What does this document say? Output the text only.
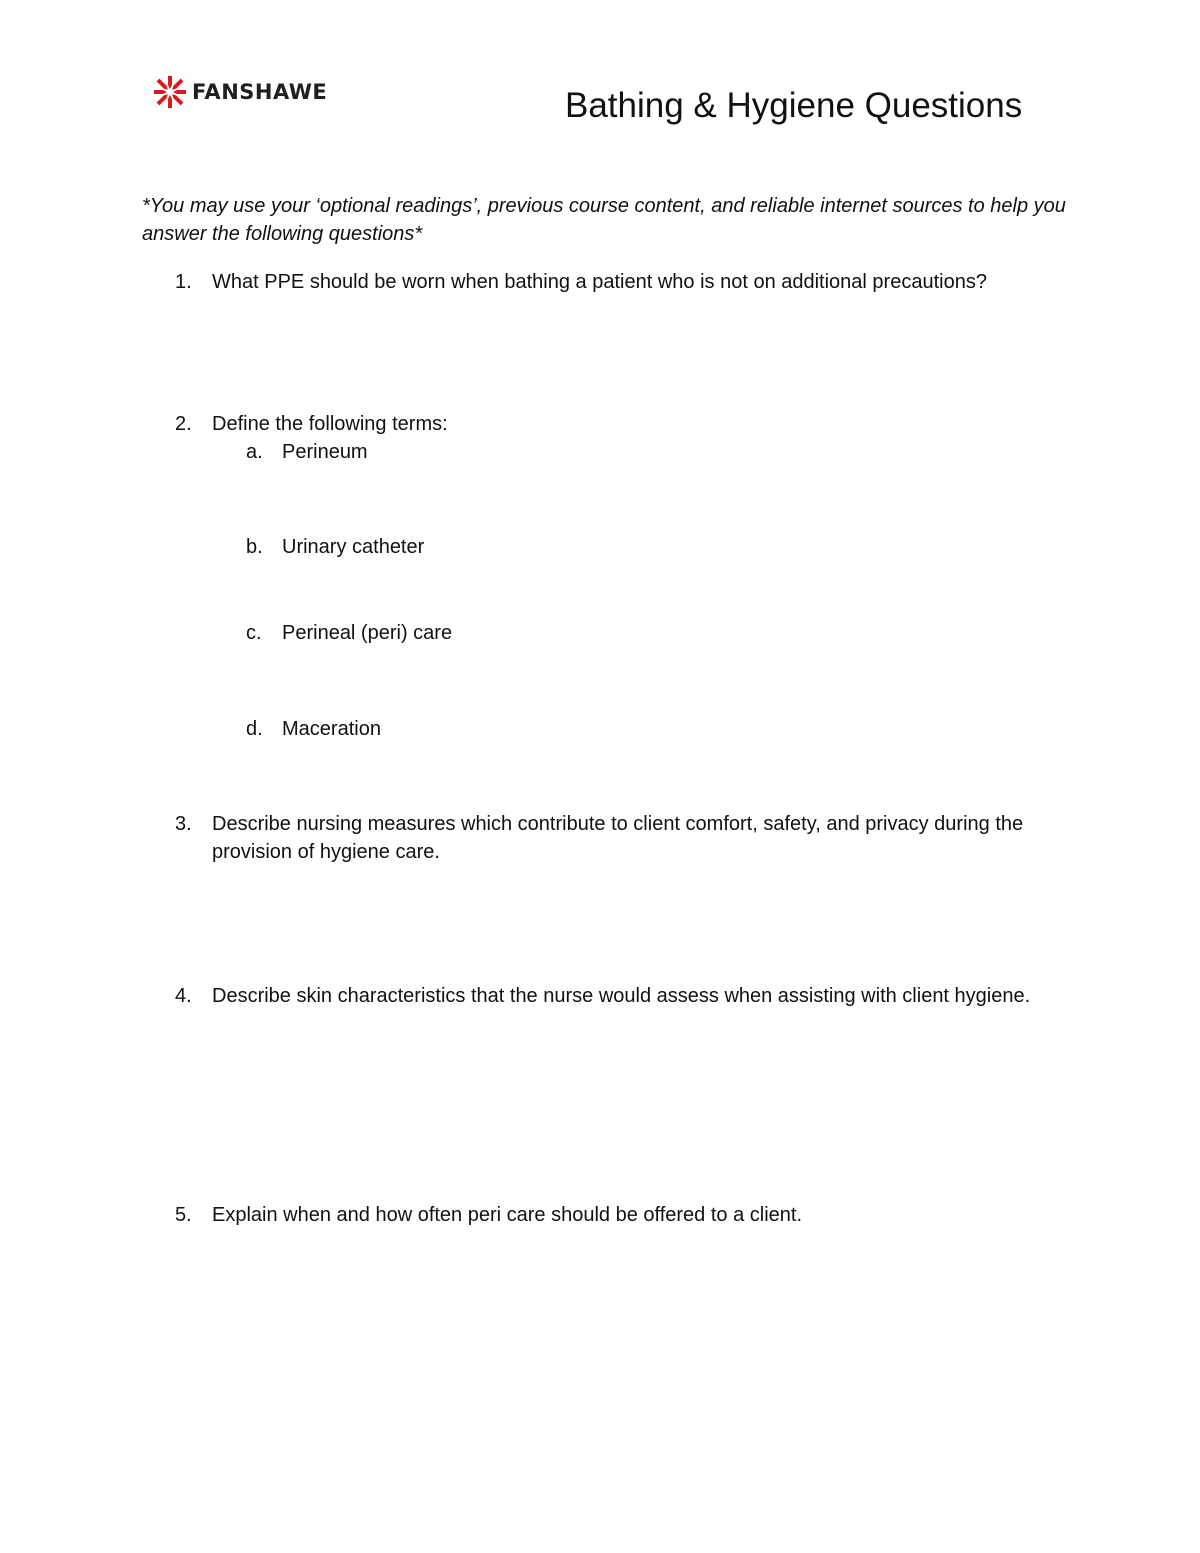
FANSHAWE	Bathing & Hygiene Questions
*You may use your ‘optional readings’, previous course content, and reliable internet sources to help you answer the following questions*
1.	What PPE should be worn when bathing a patient who is not on additional precautions?
2.	Define the following terms:
a. Perineum
b. Urinary catheter
c. Perineal (peri) care
d. Maceration
3.	Describe nursing measures which contribute to client comfort, safety, and privacy during the provision of hygiene care.
4.	Describe skin characteristics that the nurse would assess when assisting with client hygiene.
5.	Explain when and how often peri care should be offered to a client.
